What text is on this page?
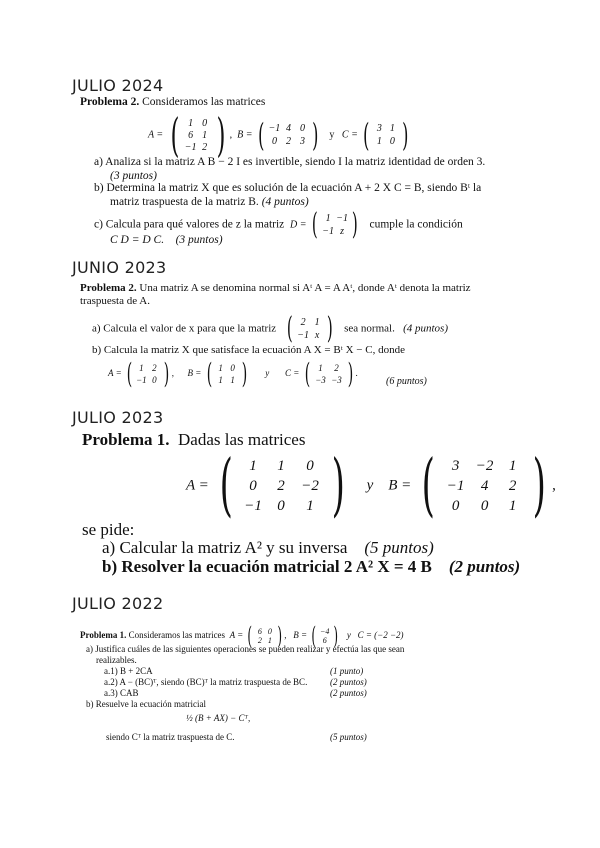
JULIO 2024
Problema 2. Consideramos las matrices
A = ( 1 0
6 1
−1 2 ) ,  B = ( −1 4 0
0 2 3 ) y C = ( 3 1
1 0 )
a) Analiza si la matriz A B − 2 I es invertible, siendo I la matriz identidad de orden 3.
(3 puntos)
b) Determina la matriz X que es solución de la ecuación A + 2 X C = B, siendo Bᵗ la
matriz traspuesta de la matriz B. (4 puntos)
c) Calcula para qué valores de z la matriz D = ( 1 −1
−1 z ) cumple la condición
C D = D C. (3 puntos)
JUNIO 2023
Problema 2. Una matriz A se denomina normal si Aᵗ A = A Aᵗ, donde Aᵗ denota la matriz
traspuesta de A.
a) Calcula el valor de x para que la matriz ( 2 1
−1 x ) sea normal. (4 puntos)
b) Calcula la matriz X que satisface la ecuación A X = Bᵗ X − C, donde
A = ( 1 2
−1 0 ) ,      B = ( 1 0
1 1 ) y C = ( 1	2
−3 −3 ) .
(6 puntos)
JULIO 2023
Problema 1. Dadas las matrices
A = (	1	1	0
0	2	−2
−1	0	1 ) y B = (	3	−2	1
−1	4	2
0	0	1 ) ,
se pide:
a) Calcular la matriz A² y su inversa (5 puntos)
b) Resolver la ecuación matricial 2 A² X = 4 B (2 puntos)
JULIO 2022
Problema 1. Consideramos las matrices A = ( 6 0
2 1 ) ,   B = ( −4
6 ) y C = (−2 −2)
a) Justifica cuáles de las siguientes operaciones se pueden realizar y efectúa las que sean
realizables.
a.1) B + 2CA	(1 punto)
a.2) A − (BC)ᵀ, siendo (BC)ᵀ la matriz traspuesta de BC.	(2 puntos)
a.3) CAB	(2 puntos)
b) Resuelve la ecuación matricial
½ (B + AX) − Cᵀ,
siendo Cᵀ la matriz traspuesta de C.	(5 puntos)
